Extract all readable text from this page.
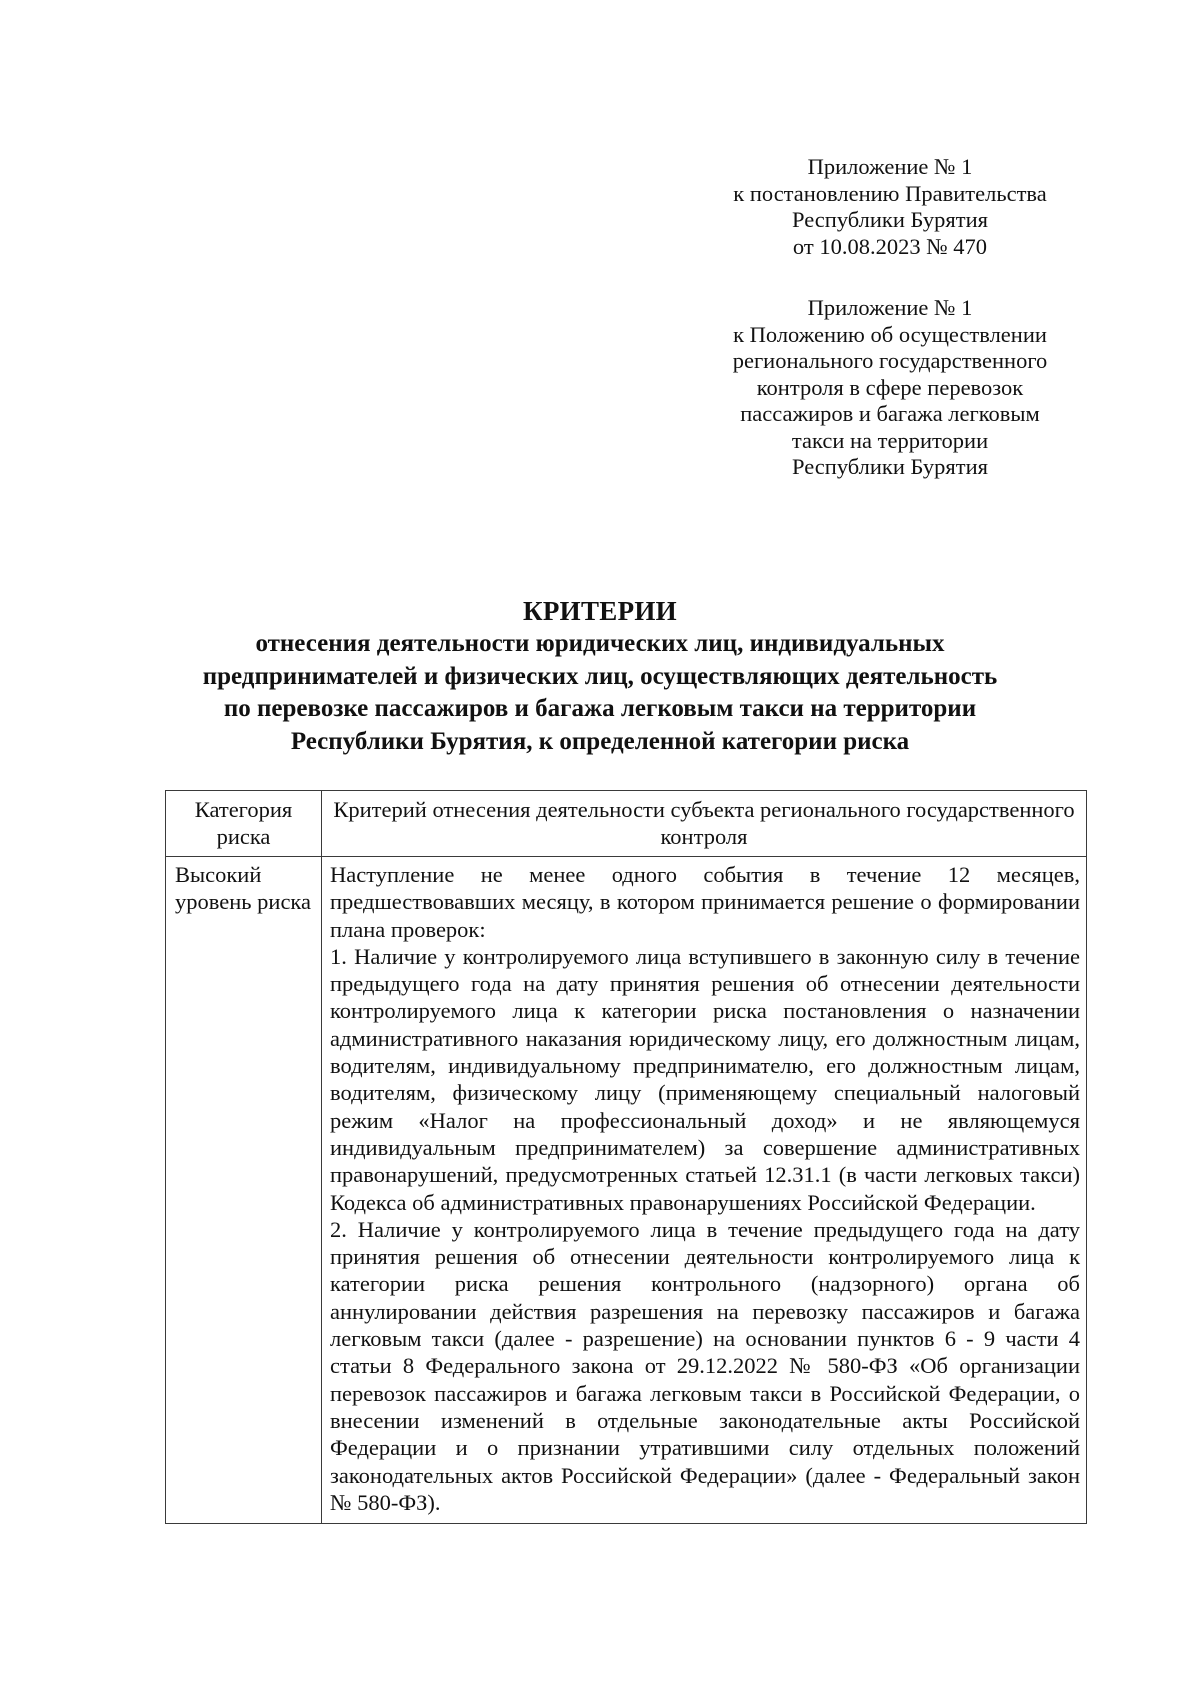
Приложение № 1
к постановлению Правительства
Республики Бурятия
от 10.08.2023 № 470
Приложение № 1
к Положению об осуществлении
регионального государственного
контроля в сфере перевозок
пассажиров и багажа легковым
такси на территории
Республики Бурятия
КРИТЕРИИ
отнесения деятельности юридических лиц, индивидуальных
предпринимателей и физических лиц, осуществляющих деятельность
по перевозке пассажиров и багажа легковым такси на территории
Республики Бурятия, к определенной категории риска
Категория риска	Критерий отнесения деятельности субъекта регионального государственного контроля
Высокий уровень риска	Наступление не менее одного события в течение 12 месяцев, предшествовавших месяцу, в котором принимается решение о формировании плана проверок:

1. Наличие у контролируемого лица вступившего в законную силу в течение предыдущего года на дату принятия решения об отнесении деятельности контролируемого лица к категории риска постановления о назначении административного наказания юридическому лицу, его должностным лицам, водителям, индивидуальному предпринимателю, его должностным лицам, водителям, физическому лицу (применяющему специальный налоговый режим «Налог на профессиональный доход» и не являющемуся индивидуальным предпринимателем) за совершение административных правонарушений, предусмотренных статьей 12.31.1 (в части легковых такси) Кодекса об административных правонарушениях Российской Федерации.

2. Наличие у контролируемого лица в течение предыдущего года на дату принятия решения об отнесении деятельности контролируемого лица к категории риска решения контрольного (надзорного) органа об аннулировании действия разрешения на перевозку пассажиров и багажа легковым такси (далее - разрешение) на основании пунктов 6 - 9 части 4 статьи 8 Федерального закона от 29.12.2022 № 580-ФЗ «Об организации перевозок пассажиров и багажа легковым такси в Российской Федерации, о внесении изменений в отдельные законодательные акты Российской Федерации и о признании утратившими силу отдельных положений законодательных актов Российской Федерации» (далее - Федеральный закон № 580-ФЗ).
